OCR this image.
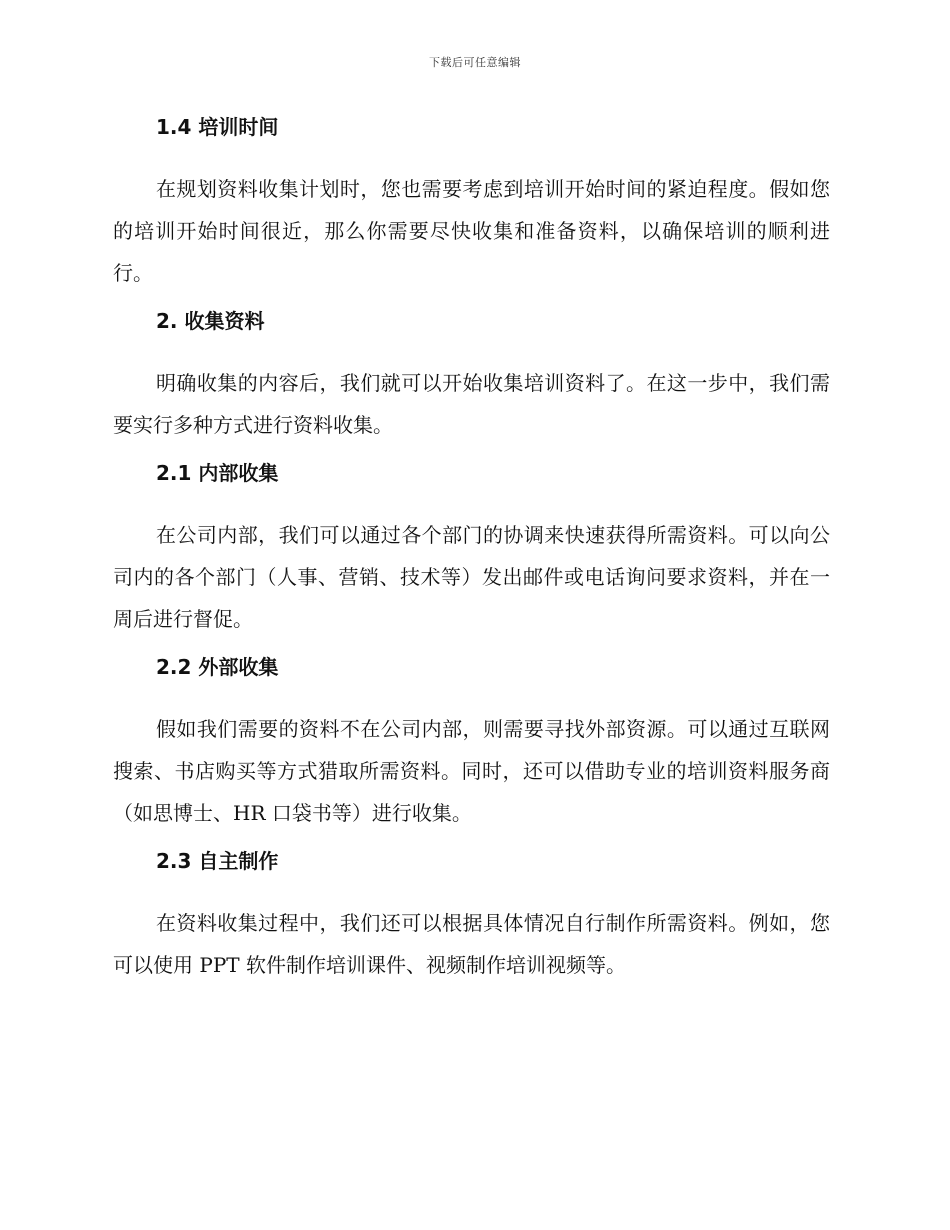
下载后可任意编辑
1.4 培训时间

在规划资料收集计划时，您也需要考虑到培训开始时间的紧迫程度。假如您的培训开始时间很近，那么你需要尽快收集和准备资料，以确保培训的顺利进行。

2. 收集资料

明确收集的内容后，我们就可以开始收集培训资料了。在这一步中，我们需要实行多种方式进行资料收集。

2.1 内部收集

在公司内部，我们可以通过各个部门的协调来快速获得所需资料。可以向公司内的各个部门（人事、营销、技术等）发出邮件或电话询问要求资料，并在一周后进行督促。

2.2 外部收集

假如我们需要的资料不在公司内部，则需要寻找外部资源。可以通过互联网搜索、书店购买等方式猎取所需资料。同时，还可以借助专业的培训资料服务商（如思博士、HR 口袋书等）进行收集。

2.3 自主制作

在资料收集过程中，我们还可以根据具体情况自行制作所需资料。例如，您可以使用 PPT 软件制作培训课件、视频制作培训视频等。
